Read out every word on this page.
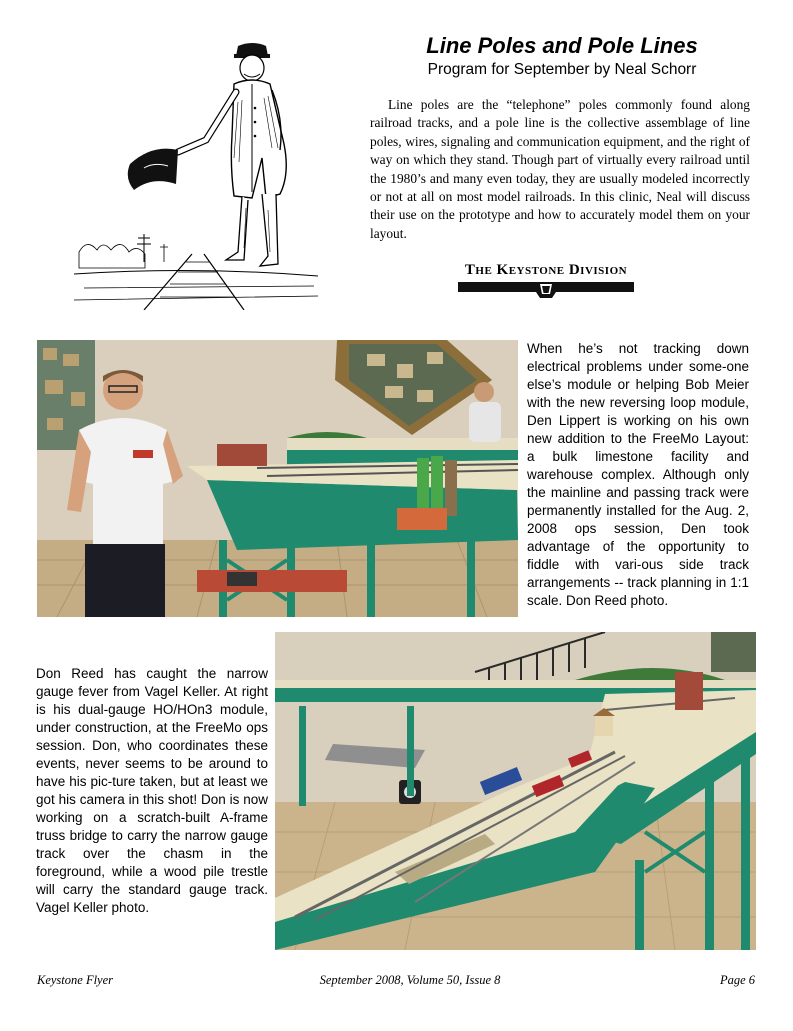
Line Poles and Pole Lines
Program for September by Neal Schorr
Line poles are the “telephone” poles commonly found along railroad tracks, and a pole line is the collective assemblage of line poles, wires, signaling and communication equipment, and the right of way on which they stand. Though part of virtually every railroad until the 1980’s and many even today, they are usually modeled incorrectly or not at all on most model railroads. In this clinic, Neal will discuss their use on the prototype and how to accurately model them on your layout.
The Keystone Division
When he’s not tracking down electrical problems under some-one else’s module or helping Bob Meier with the new reversing loop module, Den Lippert is working on his own new addition to the FreeMo Layout: a bulk limestone facility and warehouse complex. Although only the mainline and passing track were permanently installed for the Aug. 2, 2008 ops session, Den took advantage of the opportunity to fiddle with vari-ous side track arrangements -- track planning in 1:1 scale. Don Reed photo.
Don Reed has caught the narrow gauge fever from Vagel Keller. At right is his dual-gauge HO/HOn3 module, under construction, at the FreeMo ops session. Don, who coordinates these events, never seems to be around to have his pic-ture taken, but at least we got his camera in this shot! Don is now working on a scratch-built A-frame truss bridge to carry the narrow gauge track over the chasm in the foreground, while a wood pile trestle will carry the standard gauge track. Vagel Keller photo.
Keystone Flyer	September 2008, Volume 50, Issue 8	Page 6
